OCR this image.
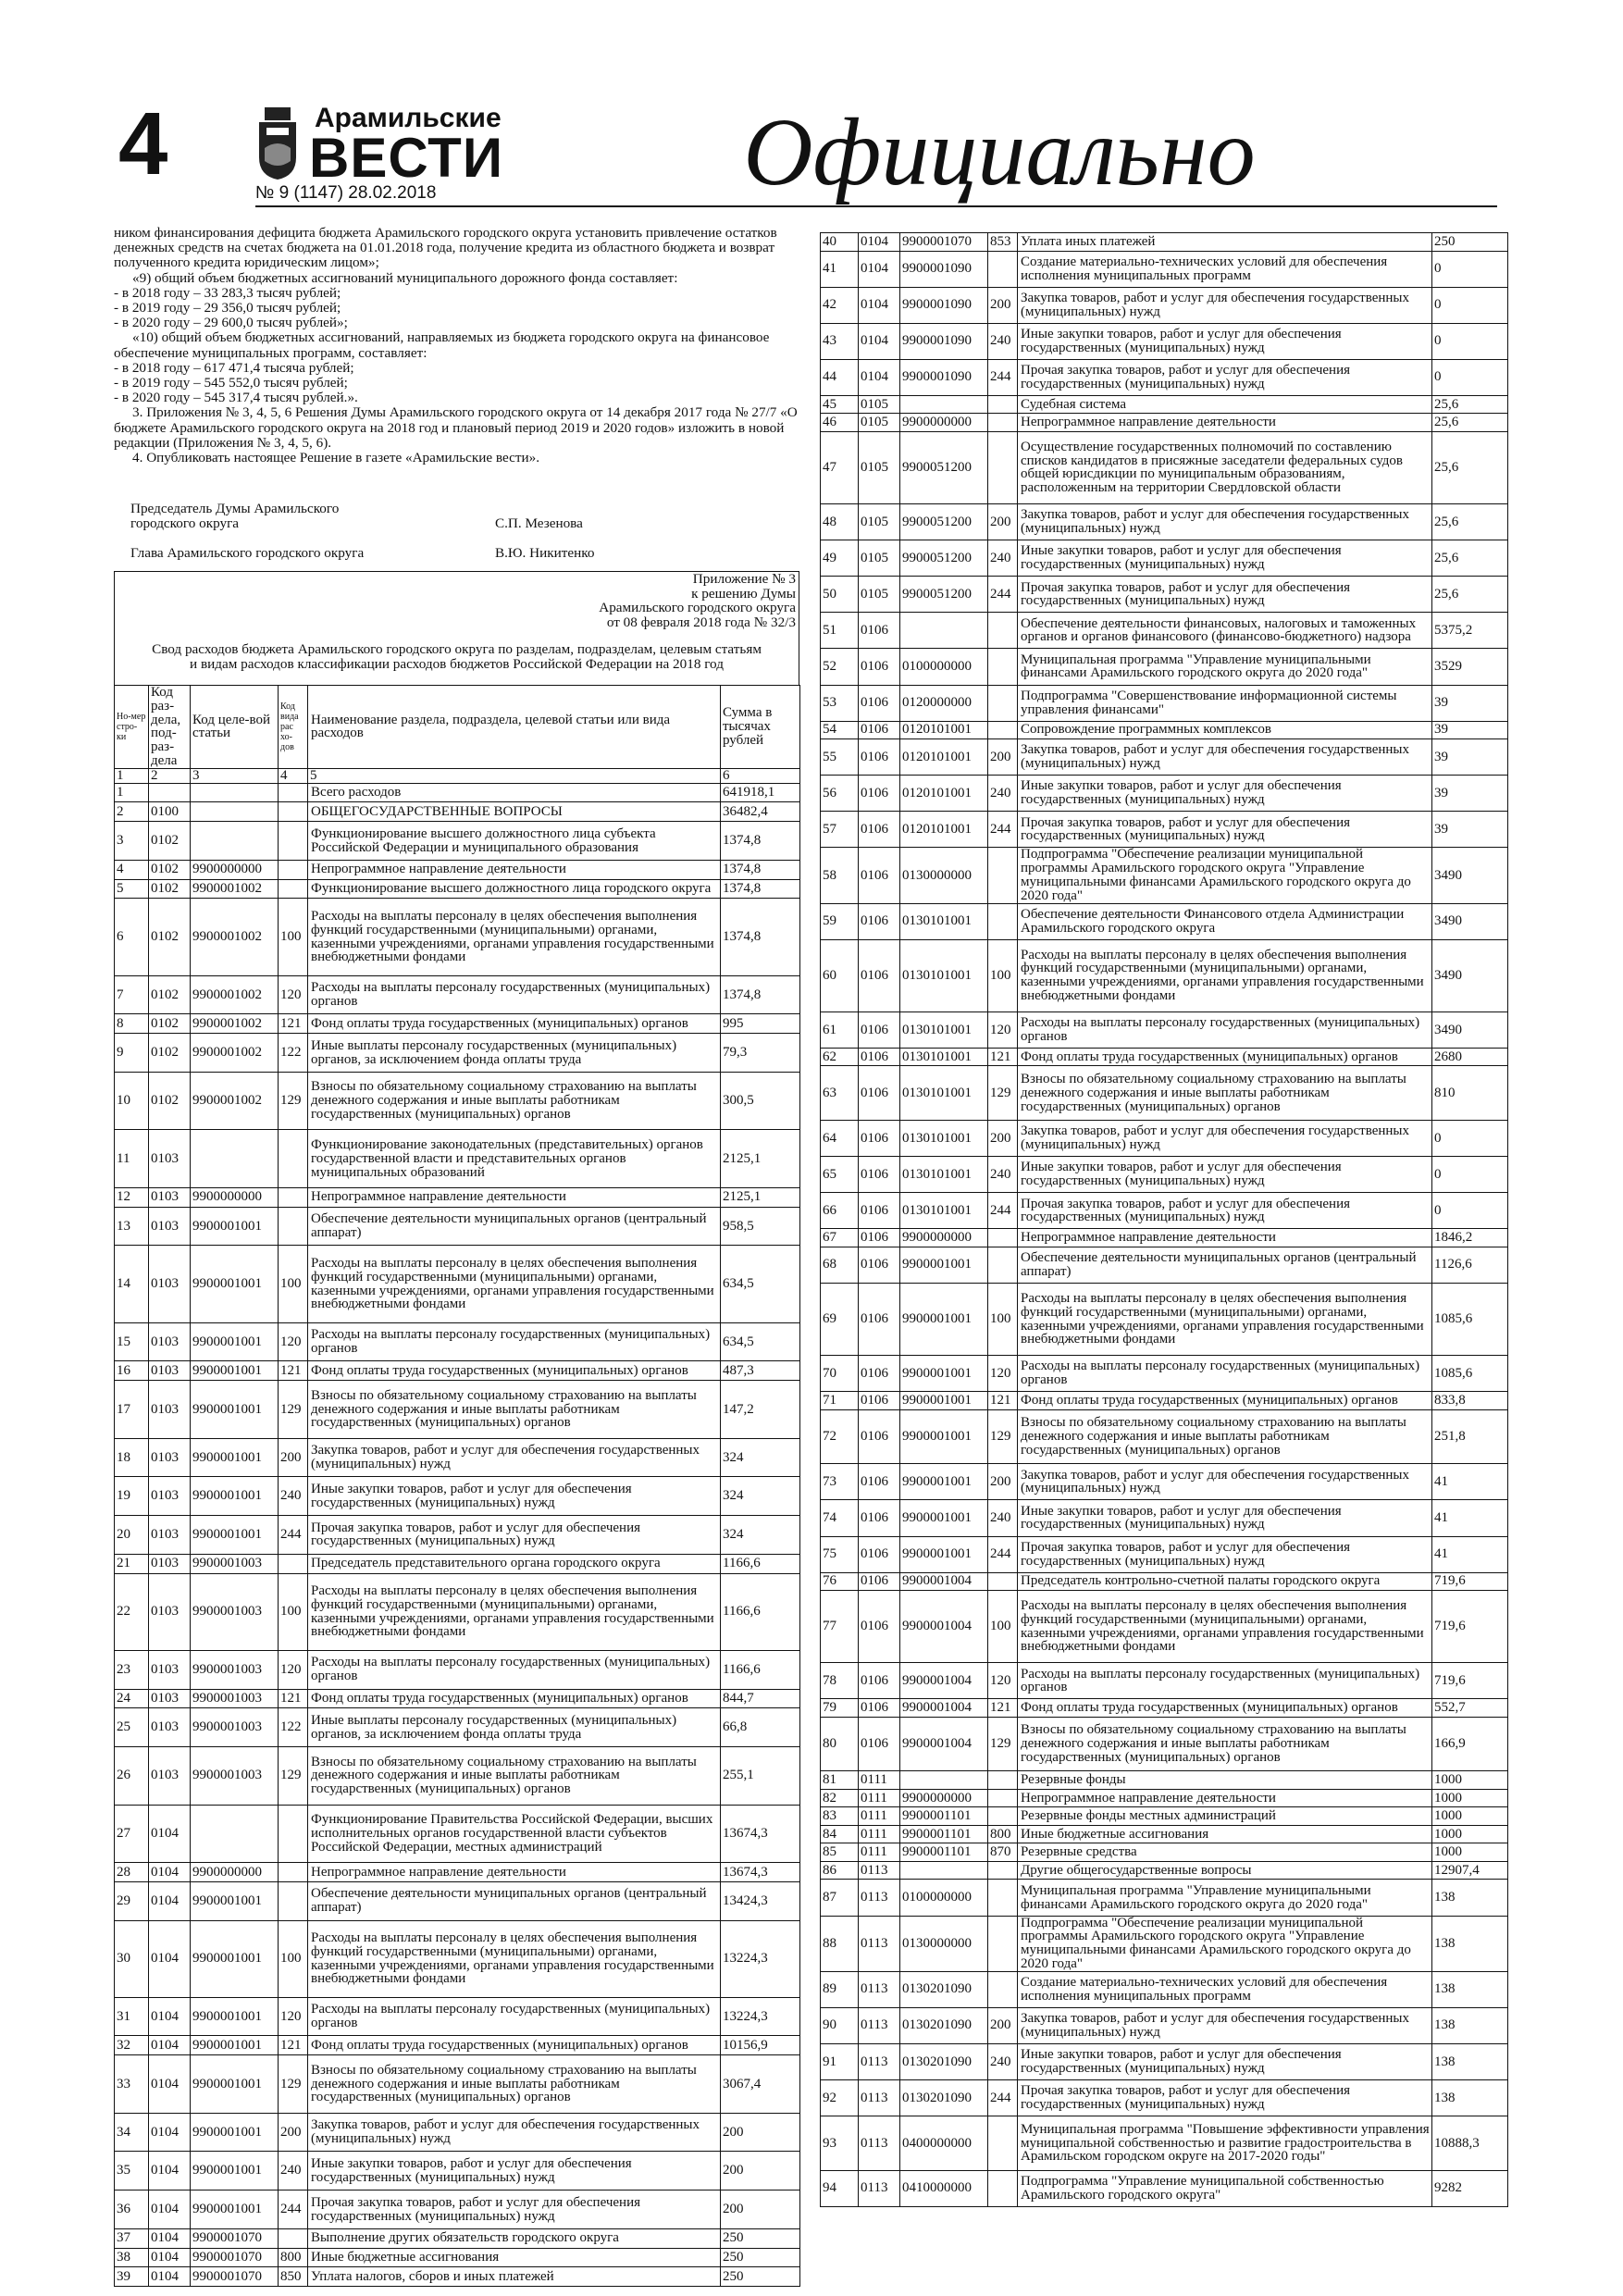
4	Арамильские
ВЕСТИ
№ 9 (1147) 28.02.2018	Официально

ником финансирования дефицита бюджета Арамильского городского округа установить привлечение остатков денежных средств на счетах бюджета на 01.01.2018 года, получение кредита из областного бюджета и возврат полученного кредита юридическим лицом»;

«9) общий объем бюджетных ассигнований муниципального дорожного фонда составляет:

- в 2018 году – 33 283,3 тысяч рублей;

- в 2019 году – 29 356,0 тысяч рублей;

- в 2020 году – 29 600,0 тысяч рублей»;

«10) общий объем бюджетных ассигнований, направляемых из бюджета городского округа на финансовое обеспечение муниципальных программ, составляет:

- в 2018 году – 617 471,4 тысяча рублей;

- в 2019 году – 545 552,0 тысяч рублей;

- в 2020 году – 545 317,4 тысяч рублей.».

3. Приложения № 3, 4, 5, 6 Решения Думы Арамильского городского округа от 14 декабря 2017 года № 27/7 «О бюджете Арамильского городского округа на 2018 год и плановый период 2019 и 2020 годов» изложить в новой редакции (Приложения № 3, 4, 5, 6).

4. Опубликовать настоящее Решение в газете «Арамильские вести».

Председатель Думы Арамильского
городского округа	С.П. Мезенова
Глава Арамильского городского округа	В.Ю. Никитенко
Приложение № 3
к решению Думы
Арамильского городского округа
от 08 февраля 2018 года № 32/3
Свод расходов бюджета Арамильского городского округа по разделам, подразделам, целевым статьям
и видам расходов классификации расходов бюджетов Российской Федерации на 2018 год
Но-мер стро-ки	Код раз-дела, под-раз-дела	Код целе-вой статьи	Код вида рас хо-дов	Наименование раздела, подраздела, целевой статьи или вида расходов	Сумма в тысячах рублей
1	2	3	4	5	6
1				Всего расходов	641918,1
2	0100			ОБЩЕГОСУДАРСТВЕННЫЕ ВОПРОСЫ	36482,4
3	0102			Функционирование высшего должностного лица субъекта Российской Федерации и муниципального образования	1374,8
4	0102	9900000000		Непрограммное направление деятельности	1374,8
5	0102	9900001002		Функционирование высшего должностного лица городского округа	1374,8
6	0102	9900001002	100	Расходы на выплаты персоналу в целях обеспечения выполнения функций государственными (муниципальными) органами, казенными учреждениями, органами управления государственными внебюджетными фондами	1374,8
7	0102	9900001002	120	Расходы на выплаты персоналу государственных (муниципальных) органов	1374,8
8	0102	9900001002	121	Фонд оплаты труда государственных (муниципальных) органов	995
9	0102	9900001002	122	Иные выплаты персоналу государственных (муниципальных) органов, за исключением фонда оплаты труда	79,3
10	0102	9900001002	129	Взносы по обязательному социальному страхованию на выплаты денежного содержания и иные выплаты работникам государственных (муниципальных) органов	300,5
11	0103			Функционирование законодательных (представительных) органов государственной власти и представительных органов муниципальных образований	2125,1
12	0103	9900000000		Непрограммное направление деятельности	2125,1
13	0103	9900001001		Обеспечение деятельности муниципальных органов (центральный аппарат)	958,5
14	0103	9900001001	100	Расходы на выплаты персоналу в целях обеспечения выполнения функций государственными (муниципальными) органами, казенными учреждениями, органами управления государственными внебюджетными фондами	634,5
15	0103	9900001001	120	Расходы на выплаты персоналу государственных (муниципальных) органов	634,5
16	0103	9900001001	121	Фонд оплаты труда государственных (муниципальных) органов	487,3
17	0103	9900001001	129	Взносы по обязательному социальному страхованию на выплаты денежного содержания и иные выплаты работникам государственных (муниципальных) органов	147,2
18	0103	9900001001	200	Закупка товаров, работ и услуг для обеспечения государственных (муниципальных) нужд	324
19	0103	9900001001	240	Иные закупки товаров, работ и услуг для обеспечения государственных (муниципальных) нужд	324
20	0103	9900001001	244	Прочая закупка товаров, работ и услуг для обеспечения государственных (муниципальных) нужд	324
21	0103	9900001003		Председатель представительного органа городского округа	1166,6
22	0103	9900001003	100	Расходы на выплаты персоналу в целях обеспечения выполнения функций государственными (муниципальными) органами, казенными учреждениями, органами управления государственными внебюджетными фондами	1166,6
23	0103	9900001003	120	Расходы на выплаты персоналу государственных (муниципальных) органов	1166,6
24	0103	9900001003	121	Фонд оплаты труда государственных (муниципальных) органов	844,7
25	0103	9900001003	122	Иные выплаты персоналу государственных (муниципальных) органов, за исключением фонда оплаты труда	66,8
26	0103	9900001003	129	Взносы по обязательному социальному страхованию на выплаты денежного содержания и иные выплаты работникам государственных (муниципальных) органов	255,1
27	0104			Функционирование Правительства Российской Федерации, высших исполнительных органов государственной власти субъектов Российской Федерации, местных администраций	13674,3
28	0104	9900000000		Непрограммное направление деятельности	13674,3
29	0104	9900001001		Обеспечение деятельности муниципальных органов (центральный аппарат)	13424,3
30	0104	9900001001	100	Расходы на выплаты персоналу в целях обеспечения выполнения функций государственными (муниципальными) органами, казенными учреждениями, органами управления государственными внебюджетными фондами	13224,3
31	0104	9900001001	120	Расходы на выплаты персоналу государственных (муниципальных) органов	13224,3
32	0104	9900001001	121	Фонд оплаты труда государственных (муниципальных) органов	10156,9
33	0104	9900001001	129	Взносы по обязательному социальному страхованию на выплаты денежного содержания и иные выплаты работникам государственных (муниципальных) органов	3067,4
34	0104	9900001001	200	Закупка товаров, работ и услуг для обеспечения государственных (муниципальных) нужд	200
35	0104	9900001001	240	Иные закупки товаров, работ и услуг для обеспечения государственных (муниципальных) нужд	200
36	0104	9900001001	244	Прочая закупка товаров, работ и услуг для обеспечения государственных (муниципальных) нужд	200
37	0104	9900001070		Выполнение других обязательств городского округа	250
38	0104	9900001070	800	Иные бюджетные ассигнования	250
39	0104	9900001070	850	Уплата налогов, сборов и иных платежей	250
40	0104	9900001070	853	Уплата иных платежей	250
41	0104	9900001090		Создание материально-технических условий для обеспечения исполнения муниципальных программ	0
42	0104	9900001090	200	Закупка товаров, работ и услуг для обеспечения государственных (муниципальных) нужд	0
43	0104	9900001090	240	Иные закупки товаров, работ и услуг для обеспечения государственных (муниципальных) нужд	0
44	0104	9900001090	244	Прочая закупка товаров, работ и услуг для обеспечения государственных (муниципальных) нужд	0
45	0105			Судебная система	25,6
46	0105	9900000000		Непрограммное направление деятельности	25,6
47	0105	9900051200		Осуществление государственных полномочий по составлению списков кандидатов в присяжные заседатели федеральных судов общей юрисдикции по муниципальным образованиям, расположенным на территории Свердловской области	25,6
48	0105	9900051200	200	Закупка товаров, работ и услуг для обеспечения государственных (муниципальных) нужд	25,6
49	0105	9900051200	240	Иные закупки товаров, работ и услуг для обеспечения государственных (муниципальных) нужд	25,6
50	0105	9900051200	244	Прочая закупка товаров, работ и услуг для обеспечения государственных (муниципальных) нужд	25,6
51	0106			Обеспечение деятельности финансовых, налоговых и таможенных органов и органов финансового (финансово-бюджетного) надзора	5375,2
52	0106	0100000000		Муниципальная программа "Управление муниципальными финансами Арамильского городского округа до 2020 года"	3529
53	0106	0120000000		Подпрограмма "Совершенствование информационной системы управления финансами"	39
54	0106	0120101001		Сопровождение программных комплексов	39
55	0106	0120101001	200	Закупка товаров, работ и услуг для обеспечения государственных (муниципальных) нужд	39
56	0106	0120101001	240	Иные закупки товаров, работ и услуг для обеспечения государственных (муниципальных) нужд	39
57	0106	0120101001	244	Прочая закупка товаров, работ и услуг для обеспечения государственных (муниципальных) нужд	39
58	0106	0130000000		Подпрограмма "Обеспечение реализации муниципальной программы Арамильского городского округа "Управление муниципальными финансами Арамильского городского округа до 2020 года"	3490
59	0106	0130101001		Обеспечение деятельности Финансового отдела Администрации Арамильского городского округа	3490
60	0106	0130101001	100	Расходы на выплаты персоналу в целях обеспечения выполнения функций государственными (муниципальными) органами, казенными учреждениями, органами управления государственными внебюджетными фондами	3490
61	0106	0130101001	120	Расходы на выплаты персоналу государственных (муниципальных) органов	3490
62	0106	0130101001	121	Фонд оплаты труда государственных (муниципальных) органов	2680
63	0106	0130101001	129	Взносы по обязательному социальному страхованию на выплаты денежного содержания и иные выплаты работникам государственных (муниципальных) органов	810
64	0106	0130101001	200	Закупка товаров, работ и услуг для обеспечения государственных (муниципальных) нужд	0
65	0106	0130101001	240	Иные закупки товаров, работ и услуг для обеспечения государственных (муниципальных) нужд	0
66	0106	0130101001	244	Прочая закупка товаров, работ и услуг для обеспечения государственных (муниципальных) нужд	0
67	0106	9900000000		Непрограммное направление деятельности	1846,2
68	0106	9900001001		Обеспечение деятельности муниципальных органов (центральный аппарат)	1126,6
69	0106	9900001001	100	Расходы на выплаты персоналу в целях обеспечения выполнения функций государственными (муниципальными) органами, казенными учреждениями, органами управления государственными внебюджетными фондами	1085,6
70	0106	9900001001	120	Расходы на выплаты персоналу государственных (муниципальных) органов	1085,6
71	0106	9900001001	121	Фонд оплаты труда государственных (муниципальных) органов	833,8
72	0106	9900001001	129	Взносы по обязательному социальному страхованию на выплаты денежного содержания и иные выплаты работникам государственных (муниципальных) органов	251,8
73	0106	9900001001	200	Закупка товаров, работ и услуг для обеспечения государственных (муниципальных) нужд	41
74	0106	9900001001	240	Иные закупки товаров, работ и услуг для обеспечения государственных (муниципальных) нужд	41
75	0106	9900001001	244	Прочая закупка товаров, работ и услуг для обеспечения государственных (муниципальных) нужд	41
76	0106	9900001004		Председатель контрольно-счетной палаты городского округа	719,6
77	0106	9900001004	100	Расходы на выплаты персоналу в целях обеспечения выполнения функций государственными (муниципальными) органами, казенными учреждениями, органами управления государственными внебюджетными фондами	719,6
78	0106	9900001004	120	Расходы на выплаты персоналу государственных (муниципальных) органов	719,6
79	0106	9900001004	121	Фонд оплаты труда государственных (муниципальных) органов	552,7
80	0106	9900001004	129	Взносы по обязательному социальному страхованию на выплаты денежного содержания и иные выплаты работникам государственных (муниципальных) органов	166,9
81	0111			Резервные фонды	1000
82	0111	9900000000		Непрограммное направление деятельности	1000
83	0111	9900001101		Резервные фонды местных администраций	1000
84	0111	9900001101	800	Иные бюджетные ассигнования	1000
85	0111	9900001101	870	Резервные средства	1000
86	0113			Другие общегосударственные вопросы	12907,4
87	0113	0100000000		Муниципальная программа "Управление муниципальными финансами Арамильского городского округа до 2020 года"	138
88	0113	0130000000		Подпрограмма "Обеспечение реализации муниципальной программы Арамильского городского округа "Управление муниципальными финансами Арамильского городского округа до 2020 года"	138
89	0113	0130201090		Создание материально-технических условий для обеспечения исполнения муниципальных программ	138
90	0113	0130201090	200	Закупка товаров, работ и услуг для обеспечения государственных (муниципальных) нужд	138
91	0113	0130201090	240	Иные закупки товаров, работ и услуг для обеспечения государственных (муниципальных) нужд	138
92	0113	0130201090	244	Прочая закупка товаров, работ и услуг для обеспечения государственных (муниципальных) нужд	138
93	0113	0400000000		Муниципальная программа "Повышение эффективности управления муниципальной собственностью и развитие градостроительства в Арамильском городском округе на 2017-2020 годы"	10888,3
94	0113	0410000000		Подпрограмма "Управление муниципальной собственностью Арамильского городского округа"	9282
